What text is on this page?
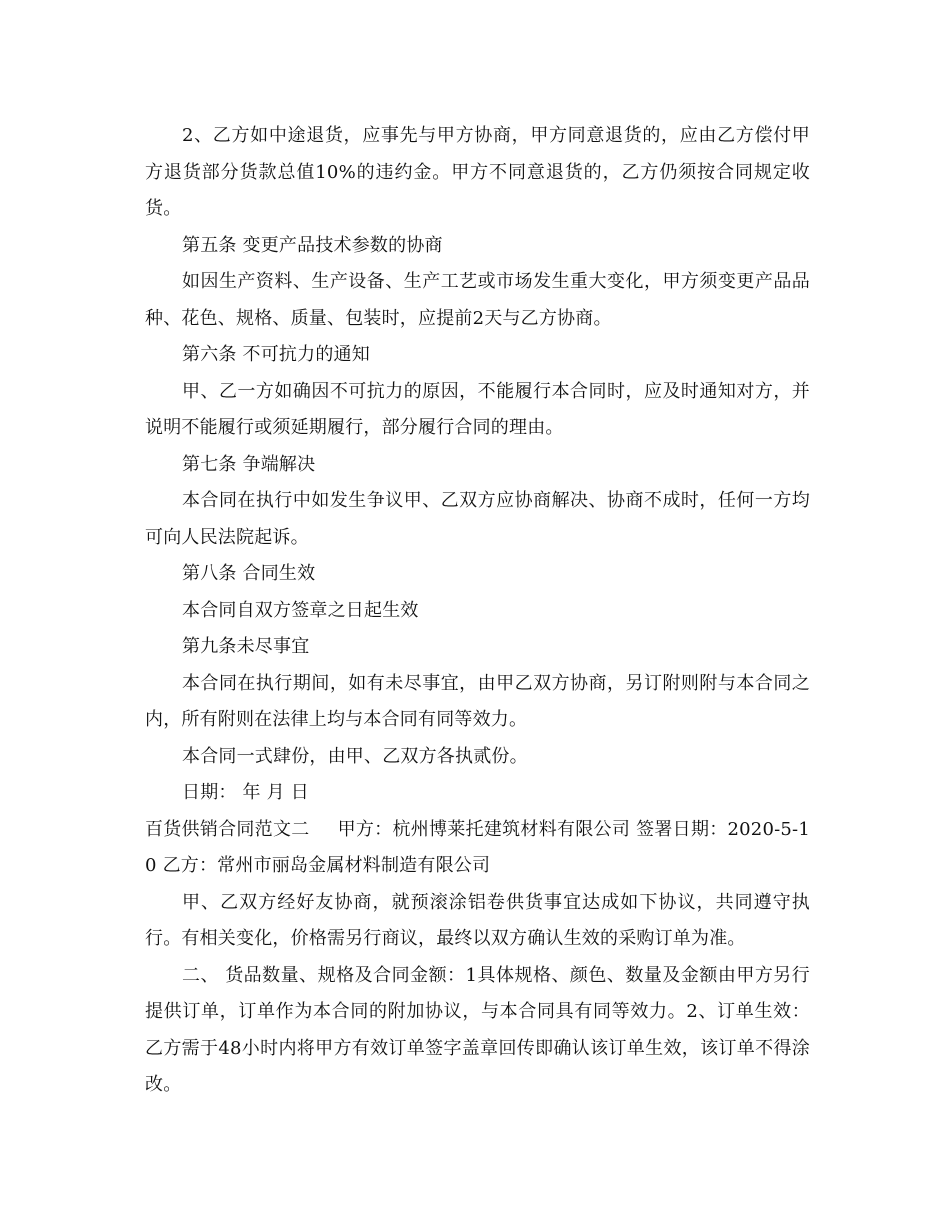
2、乙方如中途退货，应事先与甲方协商，甲方同意退货的，应由乙方偿付甲方退货部分货款总值10%的违约金。甲方不同意退货的，乙方仍须按合同规定收货。

第五条 变更产品技术参数的协商

如因生产资料、生产设备、生产工艺或市场发生重大变化，甲方须变更产品品种、花色、规格、质量、包装时，应提前2天与乙方协商。

第六条 不可抗力的通知

甲、乙一方如确因不可抗力的原因，不能履行本合同时，应及时通知对方，并说明不能履行或须延期履行，部分履行合同的理由。

第七条 争端解决

本合同在执行中如发生争议甲、乙双方应协商解决、协商不成时，任何一方均可向人民法院起诉。

第八条 合同生效

本合同自双方签章之日起生效

第九条未尽事宜

本合同在执行期间，如有未尽事宜，由甲乙双方协商，另订附则附与本合同之内，所有附则在法律上均与本合同有同等效力。

本合同一式肆份，由甲、乙双方各执贰份。

日期： 年 月 日

百货供销合同范文二 甲方：杭州博莱托建筑材料有限公司 签署日期：2020-5-10 乙方：常州市丽岛金属材料制造有限公司

甲、乙双方经好友协商，就预滚涂铝卷供货事宜达成如下协议，共同遵守执行。有相关变化，价格需另行商议，最终以双方确认生效的采购订单为准。

二、 货品数量、规格及合同金额：1具体规格、颜色、数量及金额由甲方另行提供订单，订单作为本合同的附加协议，与本合同具有同等效力。2、订单生效：乙方需于48小时内将甲方有效订单签字盖章回传即确认该订单生效，该订单不得涂改。
